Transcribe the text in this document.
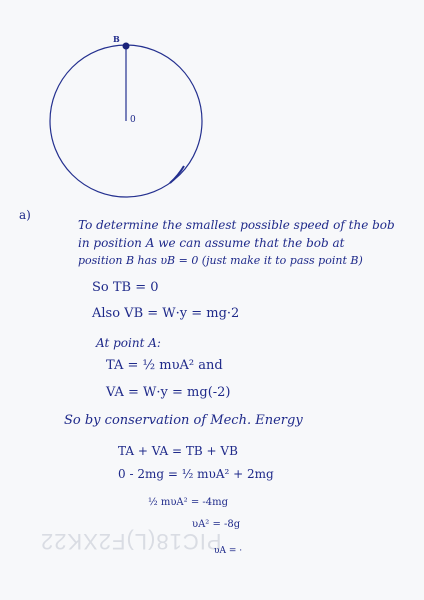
PIC18(L)F2XK22
B
0
a)
To determine the smallest possible speed of the bob
in position A we can assume that the bob at
position B has υB = 0 (just make it to pass point B)
So TB = 0
Also VB = W·y = mg·2
At point A:
TA = ½ mυA² and
VA = W·y = mg(-2)
So by conservation of Mech. Energy
TA + VA = TB + VB
0 - 2mg = ½ mυA² + 2mg
½ mυA² = -4mg
υA² = -8g
υA = ·
